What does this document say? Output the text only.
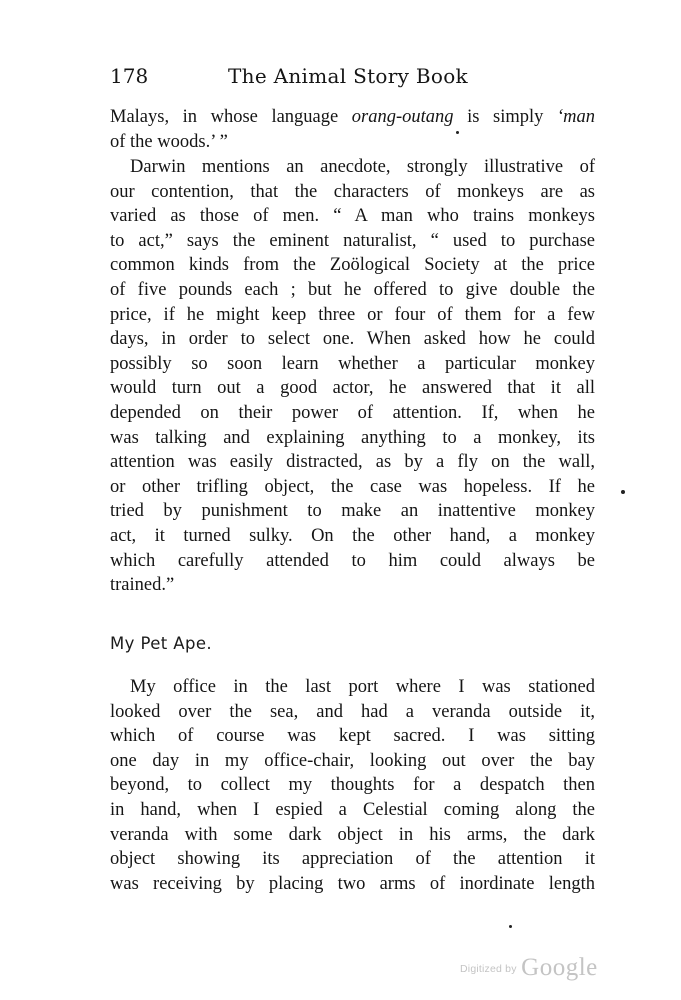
178	The Animal Story Book
Malays, in whose language orang-outang is simply ‘man
of the woods.’ ”
Darwin mentions an anecdote, strongly illustrative of
our contention, that the characters of monkeys are as
varied as those of men. “ A man who trains monkeys
to act,” says the eminent naturalist, “ used to purchase
common kinds from the Zoölogical Society at the price
of five pounds each ; but he offered to give double the
price, if he might keep three or four of them for a few
days, in order to select one. When asked how he could
possibly so soon learn whether a particular monkey
would turn out a good actor, he answered that it all
depended on their power of attention. If, when he
was talking and explaining anything to a monkey, its
attention was easily distracted, as by a fly on the wall,
or other trifling object, the case was hopeless. If he
tried by punishment to make an inattentive monkey
act, it turned sulky. On the other hand, a monkey
which carefully attended to him could always be
trained.”
My Pet Ape.
My office in the last port where I was stationed
looked over the sea, and had a veranda outside it,
which of course was kept sacred. I was sitting
one day in my office-chair, looking out over the bay
beyond, to collect my thoughts for a despatch then
in hand, when I espied a Celestial coming along the
veranda with some dark object in his arms, the dark
object showing its appreciation of the attention it
was receiving by placing two arms of inordinate length
Digitized by Google
